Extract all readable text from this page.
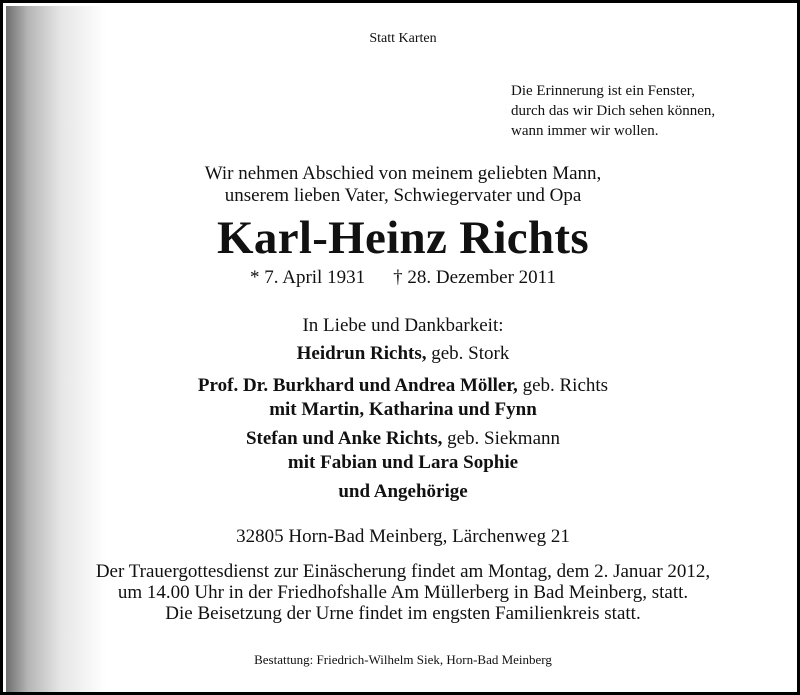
Statt Karten
Die Erinnerung ist ein Fenster,
durch das wir Dich sehen können,
wann immer wir wollen.
Wir nehmen Abschied von meinem geliebten Mann,
unserem lieben Vater, Schwiegervater und Opa
Karl-Heinz Richts
* 7. April 1931 † 28. Dezember 2011
In Liebe und Dankbarkeit:
Heidrun Richts, geb. Stork
Prof. Dr. Burkhard und Andrea Möller, geb. Richts
mit Martin, Katharina und Fynn
Stefan und Anke Richts, geb. Siekmann
mit Fabian und Lara Sophie
und Angehörige
32805 Horn-Bad Meinberg, Lärchenweg 21
Der Trauergottesdienst zur Einäscherung findet am Montag, dem 2. Januar 2012,
um 14.00 Uhr in der Friedhofshalle Am Müllerberg in Bad Meinberg, statt.
Die Beisetzung der Urne findet im engsten Familienkreis statt.
Bestattung: Friedrich-Wilhelm Siek, Horn-Bad Meinberg
